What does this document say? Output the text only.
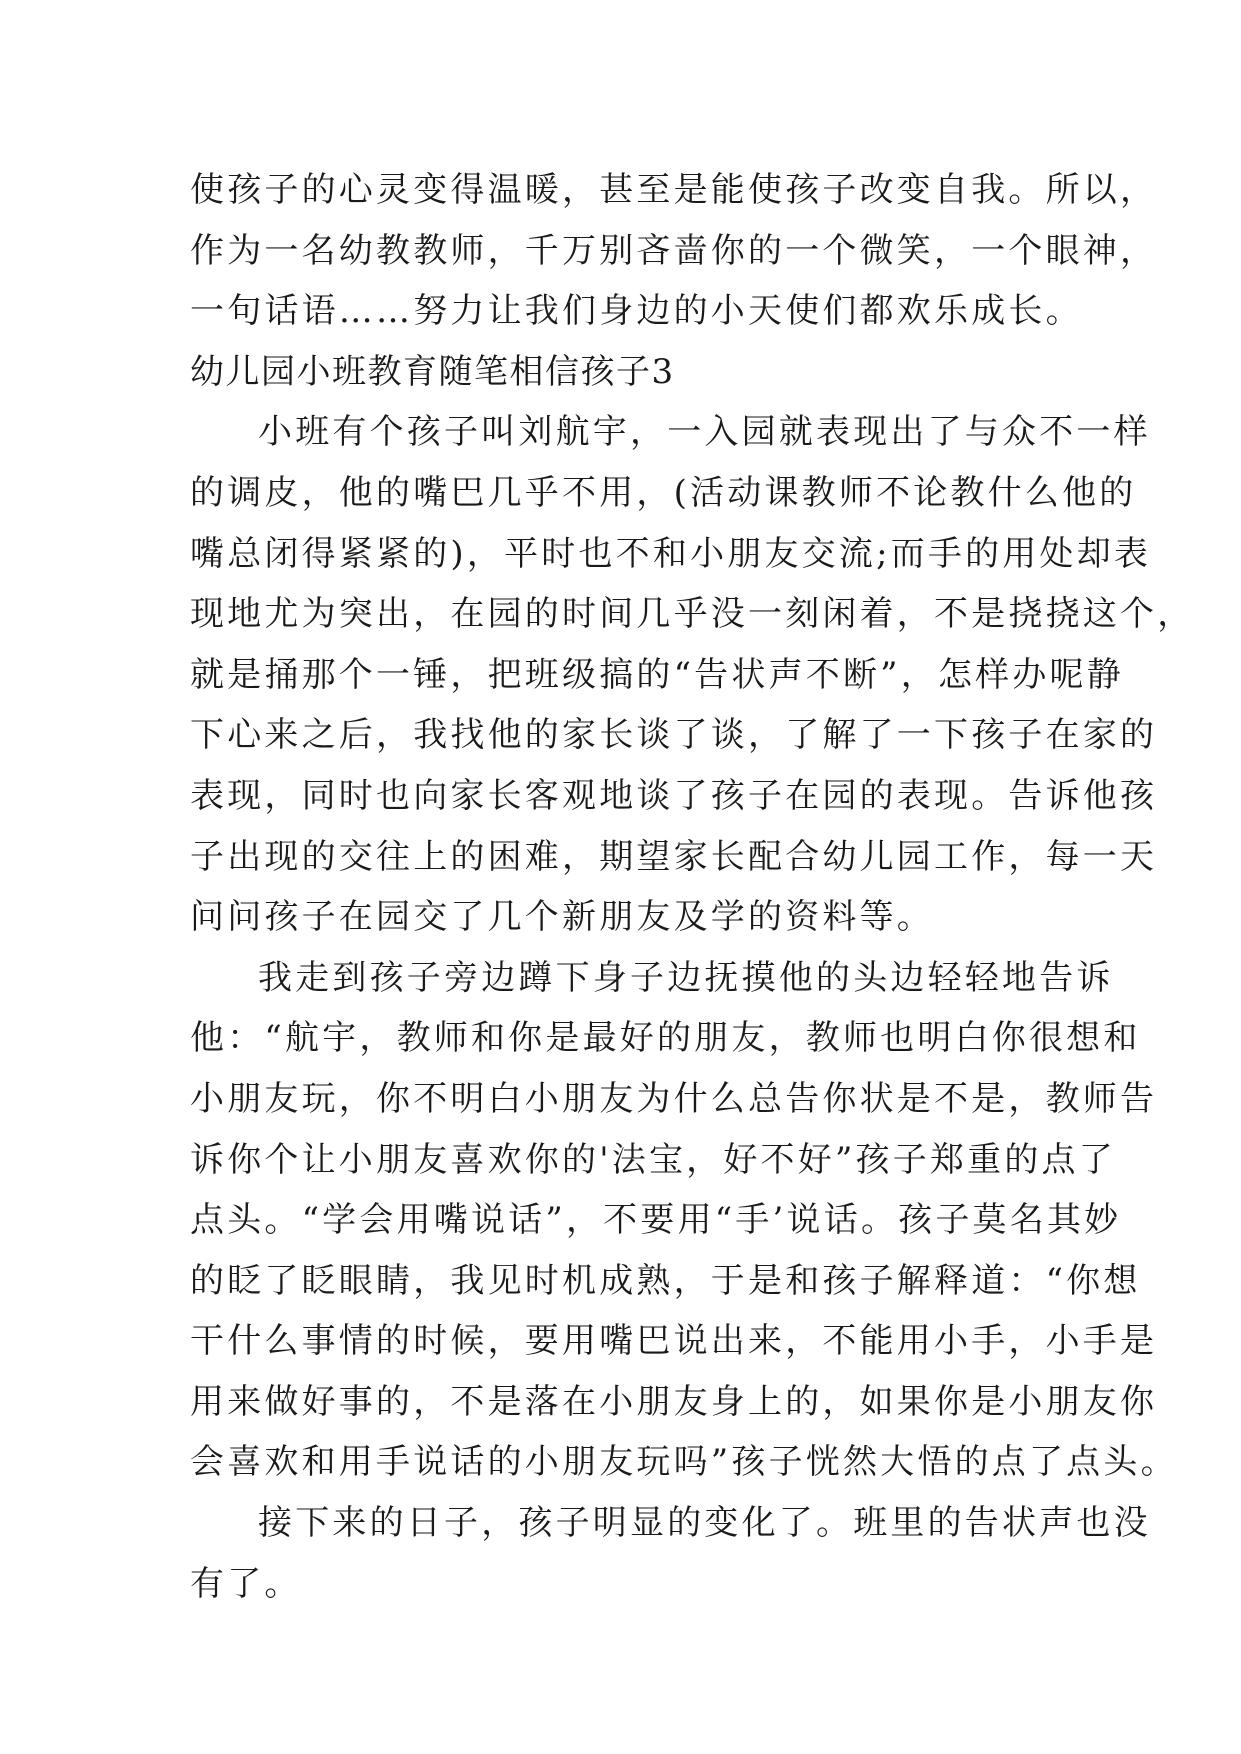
使孩子的心灵变得温暖，甚至是能使孩子改变自我。所以，
作为一名幼教教师，千万别吝啬你的一个微笑，一个眼神，
一句话语……努力让我们身边的小天使们都欢乐成长。
幼儿园小班教育随笔相信孩子3
小班有个孩子叫刘航宇，一入园就表现出了与众不一样
的调皮，他的嘴巴几乎不用，(活动课教师不论教什么他的
嘴总闭得紧紧的)，平时也不和小朋友交流;而手的用处却表
现地尤为突出，在园的时间几乎没一刻闲着，不是挠挠这个，
就是捅那个一锤，把班级搞的“告状声不断”，怎样办呢静
下心来之后，我找他的家长谈了谈，了解了一下孩子在家的
表现，同时也向家长客观地谈了孩子在园的表现。告诉他孩
子出现的交往上的困难，期望家长配合幼儿园工作，每一天
问问孩子在园交了几个新朋友及学的资料等。
我走到孩子旁边蹲下身子边抚摸他的头边轻轻地告诉
他：“航宇，教师和你是最好的朋友，教师也明白你很想和
小朋友玩，你不明白小朋友为什么总告你状是不是，教师告
诉你个让小朋友喜欢你的'法宝，好不好”孩子郑重的点了
点头。“学会用嘴说话”，不要用“手’说话。孩子莫名其妙
的眨了眨眼睛，我见时机成熟，于是和孩子解释道：“你想
干什么事情的时候，要用嘴巴说出来，不能用小手，小手是
用来做好事的，不是落在小朋友身上的，如果你是小朋友你
会喜欢和用手说话的小朋友玩吗”孩子恍然大悟的点了点头。
接下来的日子，孩子明显的变化了。班里的告状声也没
有了。
